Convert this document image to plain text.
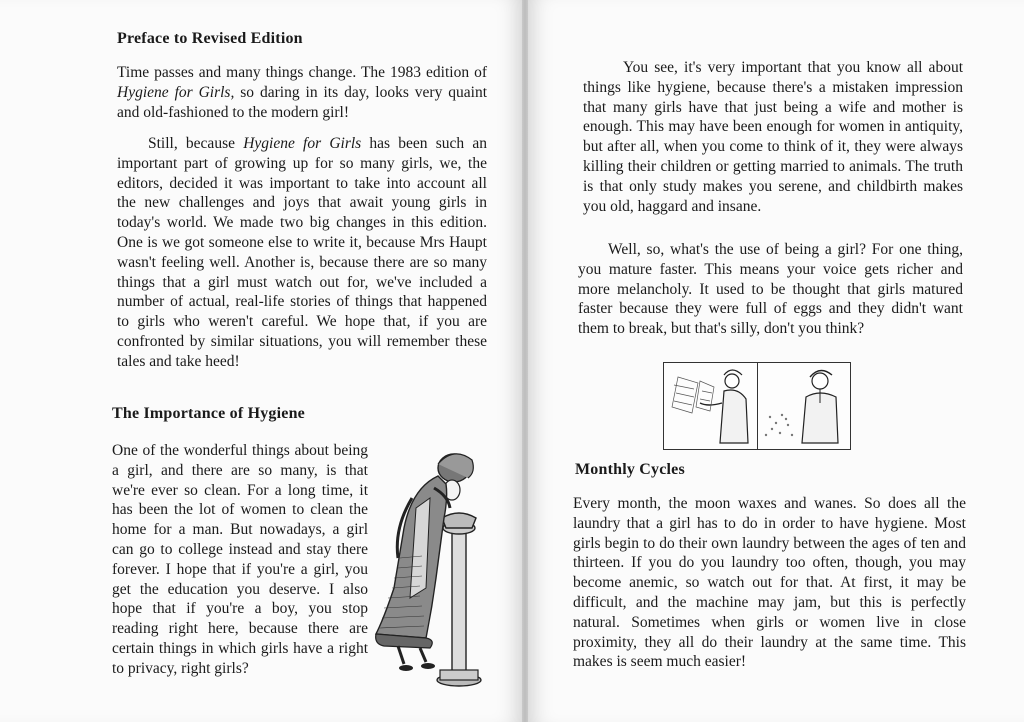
Preface to Revised Edition

Time passes and many things change. The 1983 edition of Hygiene for Girls, so daring in its day, looks very quaint and old-fashioned to the modern girl!

Still, because Hygiene for Girls has been such an important part of growing up for so many girls, we, the editors, decided it was important to take into account all the new challenges and joys that await young girls in today's world. We made two big changes in this edition. One is we got someone else to write it, because Mrs Haupt wasn't feeling well. Another is, because there are so many things that a girl must watch out for, we've included a number of actual, real-life stories of things that happened to girls who weren't careful. We hope that, if you are confronted by similar situations, you will remember these tales and take heed!

The Importance of Hygiene

One of the wonderful things about being a girl, and there are so many, is that we're ever so clean. For a long time, it has been the lot of women to clean the home for a man. But nowadays, a girl can go to college instead and stay there forever. I hope that if you're a girl, you get the education you deserve. I also hope that if you're a boy, you stop reading right here, because there are certain things in which girls have a right to privacy, right girls?

You see, it's very important that you know all about things like hygiene, because there's a mistaken impression that many girls have that just being a wife and mother is enough. This may have been enough for women in antiquity, but after all, when you come to think of it, they were always killing their children or getting married to animals. The truth is that only study makes you serene, and childbirth makes you old, haggard and insane.

Well, so, what's the use of being a girl? For one thing, you mature faster. This means your voice gets richer and more melancholy. It used to be thought that girls matured faster because they were full of eggs and they didn't want them to break, but that's silly, don't you think?

Monthly Cycles

Every month, the moon waxes and wanes. So does all the laundry that a girl has to do in order to have hygiene. Most girls begin to do their own laundry between the ages of ten and thirteen. If you do you laundry too often, though, you may become anemic, so watch out for that. At first, it may be difficult, and the machine may jam, but this is perfectly natural. Sometimes when girls or women live in close proximity, they all do their laundry at the same time. This makes is seem much easier!
